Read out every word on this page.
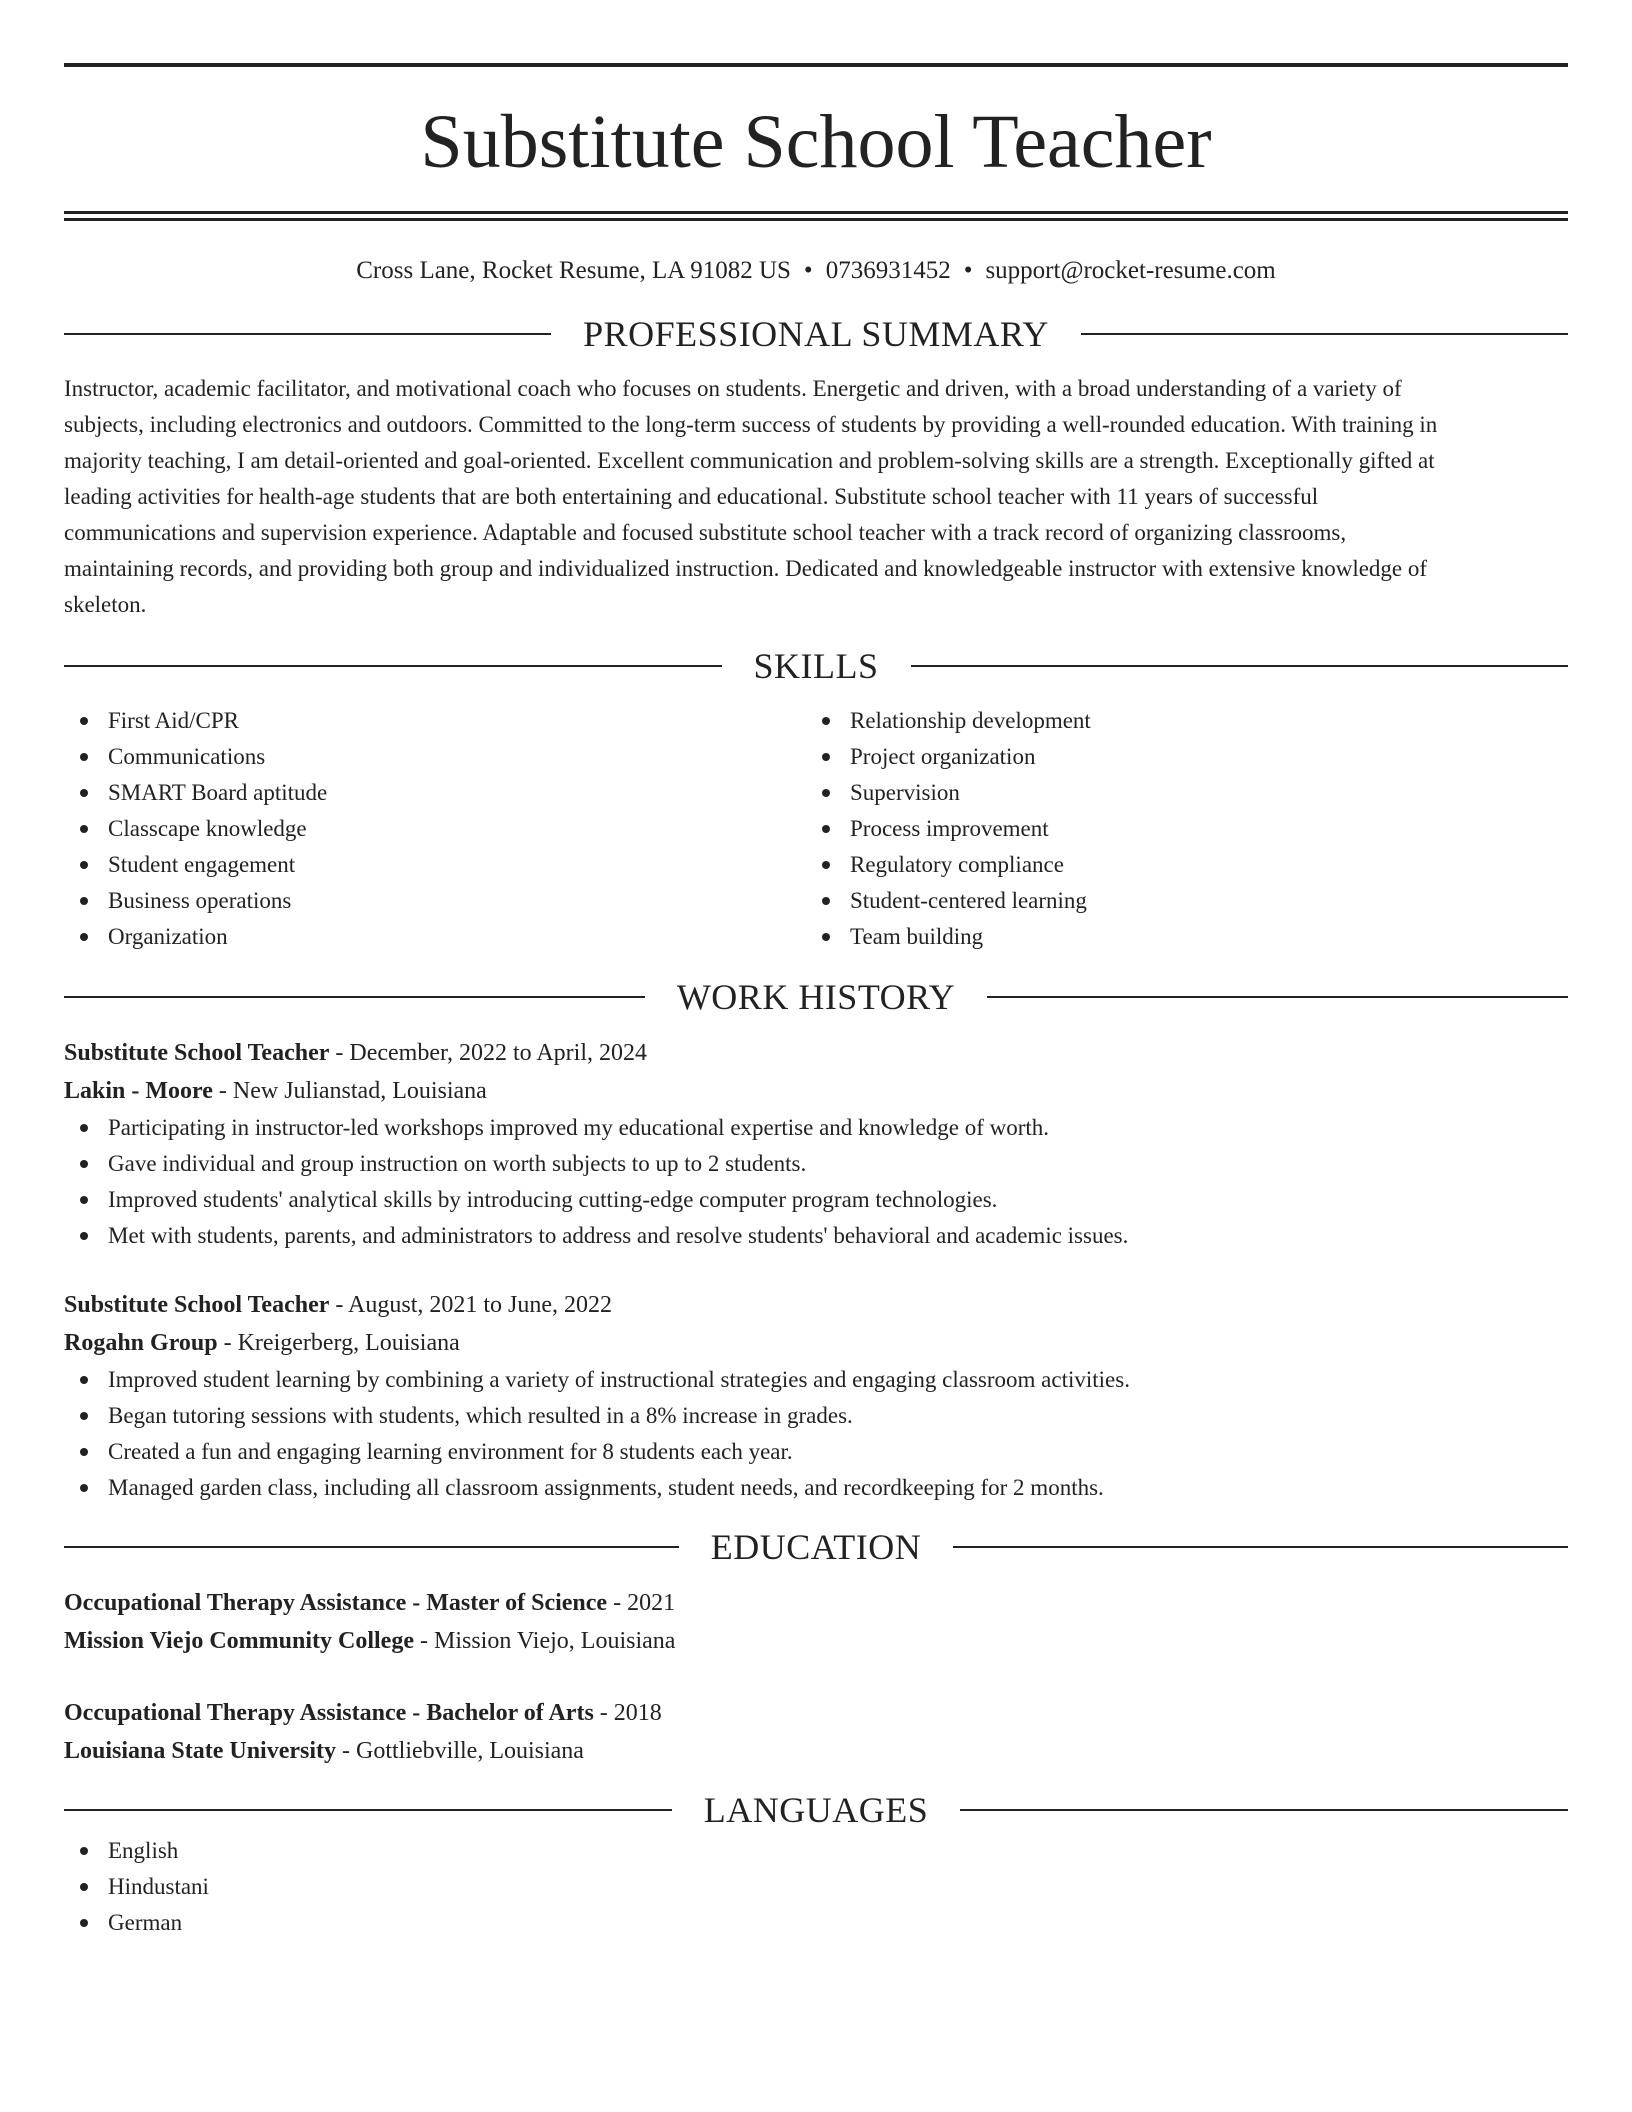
Substitute School Teacher
Cross Lane, Rocket Resume, LA 91082 US • 0736931452 • support@rocket-resume.com
PROFESSIONAL SUMMARY
Instructor, academic facilitator, and motivational coach who focuses on students. Energetic and driven, with a broad understanding of a variety of
subjects, including electronics and outdoors. Committed to the long-term success of students by providing a well-rounded education. With training in
majority teaching, I am detail-oriented and goal-oriented. Excellent communication and problem-solving skills are a strength. Exceptionally gifted at
leading activities for health-age students that are both entertaining and educational. Substitute school teacher with 11 years of successful
communications and supervision experience. Adaptable and focused substitute school teacher with a track record of organizing classrooms,
maintaining records, and providing both group and individualized instruction. Dedicated and knowledgeable instructor with extensive knowledge of
skeleton.
SKILLS
First Aid/CPR
Communications
SMART Board aptitude
Classcape knowledge
Student engagement
Business operations
Organization
Relationship development
Project organization
Supervision
Process improvement
Regulatory compliance
Student-centered learning
Team building
WORK HISTORY
Substitute School Teacher - December, 2022 to April, 2024
Lakin - Moore - New Julianstad, Louisiana
Participating in instructor-led workshops improved my educational expertise and knowledge of worth.
Gave individual and group instruction on worth subjects to up to 2 students.
Improved students' analytical skills by introducing cutting-edge computer program technologies.
Met with students, parents, and administrators to address and resolve students' behavioral and academic issues.
Substitute School Teacher - August, 2021 to June, 2022
Rogahn Group - Kreigerberg, Louisiana
Improved student learning by combining a variety of instructional strategies and engaging classroom activities.
Began tutoring sessions with students, which resulted in a 8% increase in grades.
Created a fun and engaging learning environment for 8 students each year.
Managed garden class, including all classroom assignments, student needs, and recordkeeping for 2 months.
EDUCATION
Occupational Therapy Assistance - Master of Science - 2021
Mission Viejo Community College - Mission Viejo, Louisiana
Occupational Therapy Assistance - Bachelor of Arts - 2018
Louisiana State University - Gottliebville, Louisiana
LANGUAGES
English
Hindustani
German
